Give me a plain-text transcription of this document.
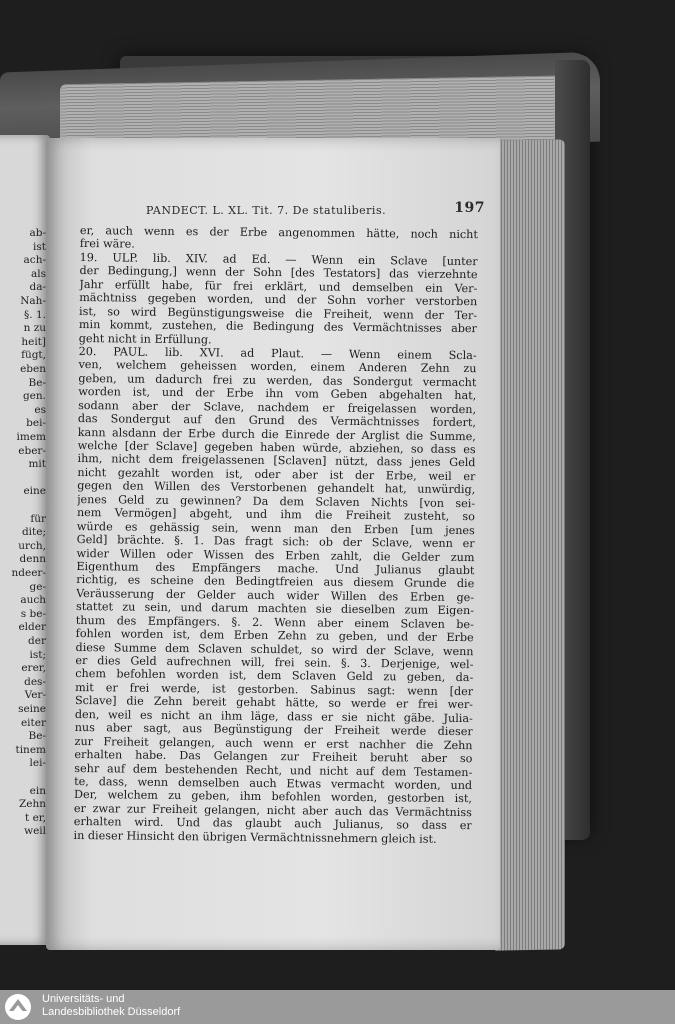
ab-
ist
ach-
als
da-
Nah-
§. 1.
n zu
heit]
fügt,
eben
Be-
gen.
es
bei-
imem
eber-
mit
eine
für
dite;
urch,
denn
ndeer-
ge-
auch
s be-
elder
der
ist;
erer,
des-
Ver-
seine
eiter
Be-
tinem
lei-
ein
Zehn
t er,
weil
PANDECT. L. XL. Tit. 7. De statuliberis.	197
er, auch wenn es der Erbe angenommen hätte, noch nicht
frei wäre.
19. ULP. lib. XIV. ad Ed. — Wenn ein Sclave [unter
der Bedingung,] wenn der Sohn [des Testators] das vierzehnte
Jahr erfüllt habe, für frei erklärt, und demselben ein Ver-
mächtniss gegeben worden, und der Sohn vorher verstorben
ist, so wird Begünstigungsweise die Freiheit, wenn der Ter-
min kommt, zustehen, die Bedingung des Vermächtnisses aber
geht nicht in Erfüllung.
20. PAUL. lib. XVI. ad Plaut. — Wenn einem Scla-
ven, welchem geheissen worden, einem Anderen Zehn zu
geben, um dadurch frei zu werden, das Sondergut vermacht
worden ist, und der Erbe ihn vom Geben abgehalten hat,
sodann aber der Sclave, nachdem er freigelassen worden,
das Sondergut auf den Grund des Vermächtnisses fordert,
kann alsdann der Erbe durch die Einrede der Arglist die Summe,
welche [der Sclave] gegeben haben würde, abziehen, so dass es
ihm, nicht dem freigelassenen [Sclaven] nützt, dass jenes Geld
nicht gezahlt worden ist, oder aber ist der Erbe, weil er
gegen den Willen des Verstorbenen gehandelt hat, unwürdig,
jenes Geld zu gewinnen? Da dem Sclaven Nichts [von sei-
nem Vermögen] abgeht, und ihm die Freiheit zusteht, so
würde es gehässig sein, wenn man den Erben [um jenes
Geld] brächte. §. 1. Das fragt sich: ob der Sclave, wenn er
wider Willen oder Wissen des Erben zahlt, die Gelder zum
Eigenthum des Empfängers mache. Und Julianus glaubt
richtig, es scheine den Bedingtfreien aus diesem Grunde die
Veräusserung der Gelder auch wider Willen des Erben ge-
stattet zu sein, und darum machten sie dieselben zum Eigen-
thum des Empfängers. §. 2. Wenn aber einem Sclaven be-
fohlen worden ist, dem Erben Zehn zu geben, und der Erbe
diese Summe dem Sclaven schuldet, so wird der Sclave, wenn
er dies Geld aufrechnen will, frei sein. §. 3. Derjenige, wel-
chem befohlen worden ist, dem Sclaven Geld zu geben, da-
mit er frei werde, ist gestorben. Sabinus sagt: wenn [der
Sclave] die Zehn bereit gehabt hätte, so werde er frei wer-
den, weil es nicht an ihm läge, dass er sie nicht gäbe. Julia-
nus aber sagt, aus Begünstigung der Freiheit werde dieser
zur Freiheit gelangen, auch wenn er erst nachher die Zehn
erhalten habe. Das Gelangen zur Freiheit beruht aber so
sehr auf dem bestehenden Recht, und nicht auf dem Testamen-
te, dass, wenn demselben auch Etwas vermacht worden, und
Der, welchem zu geben, ihm befohlen worden, gestorben ist,
er zwar zur Freiheit gelangen, nicht aber auch das Vermächtniss
erhalten wird. Und das glaubt auch Julianus, so dass er
in dieser Hinsicht den übrigen Vermächtnissnehmern gleich ist.
Universitäts- und
Landesbibliothek Düsseldorf
